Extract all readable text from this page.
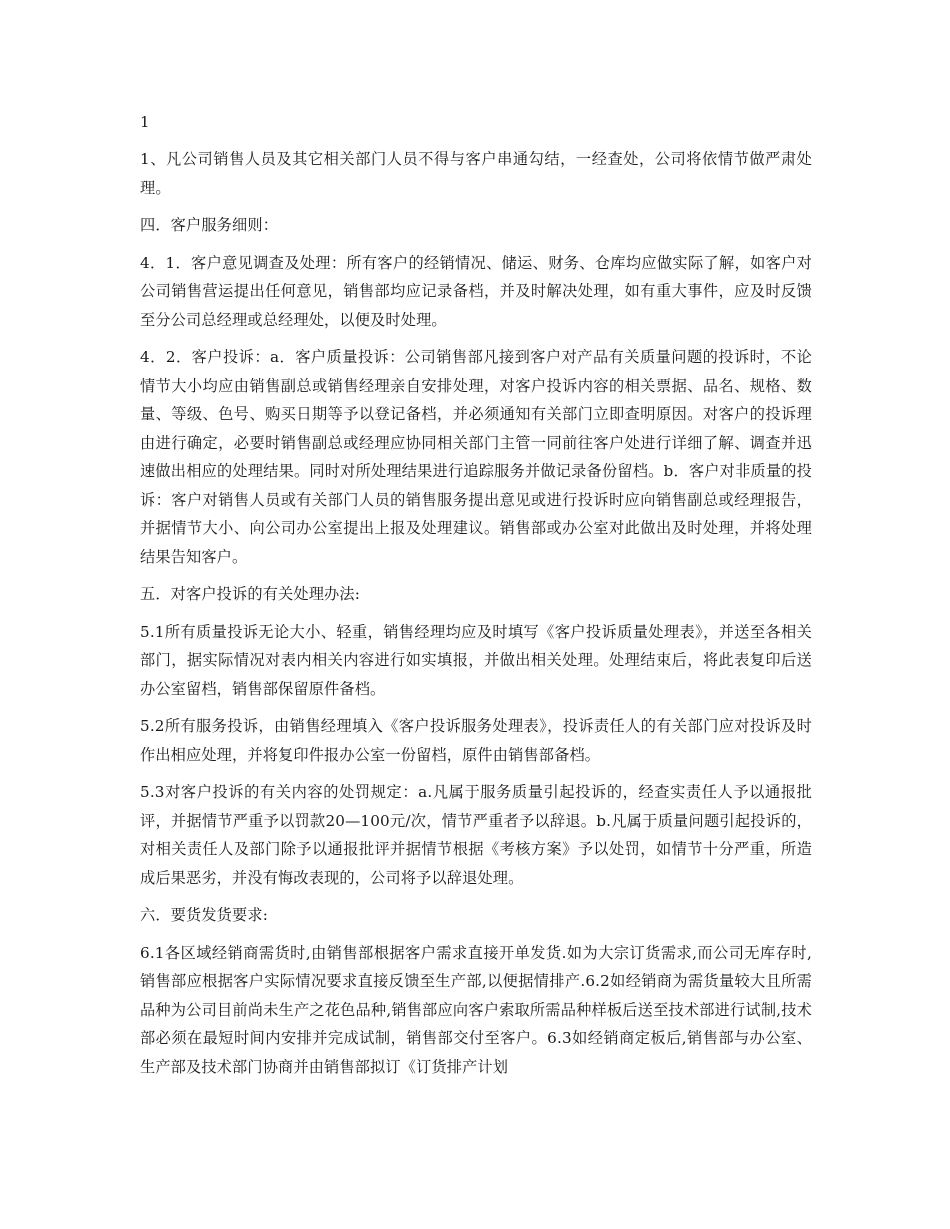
1

1、凡公司销售人员及其它相关部门人员不得与客户串通勾结，一经查处，公司将依情节做严肃处理。

四．客户服务细则：

4．1．客户意见调查及处理：所有客户的经销情况、储运、财务、仓库均应做实际了解，如客户对公司销售营运提出任何意见，销售部均应记录备档，并及时解决处理，如有重大事件，应及时反馈至分公司总经理或总经理处，以便及时处理。

4．2．客户投诉：a．客户质量投诉：公司销售部凡接到客户对产品有关质量问题的投诉时，不论情节大小均应由销售副总或销售经理亲自安排处理，对客户投诉内容的相关票据、品名、规格、数量、等级、色号、购买日期等予以登记备档，并必须通知有关部门立即查明原因。对客户的投诉理由进行确定，必要时销售副总或经理应协同相关部门主管一同前往客户处进行详细了解、调查并迅速做出相应的处理结果。同时对所处理结果进行追踪服务并做记录备份留档。b．客户对非质量的投诉：客户对销售人员或有关部门人员的销售服务提出意见或进行投诉时应向销售副总或经理报告，并据情节大小、向公司办公室提出上报及处理建议。销售部或办公室对此做出及时处理，并将处理结果告知客户。

五．对客户投诉的有关处理办法:

5.1所有质量投诉无论大小、轻重，销售经理均应及时填写《客户投诉质量处理表》，并送至各相关部门，据实际情况对表内相关内容进行如实填报，并做出相关处理。处理结束后，将此表复印后送办公室留档，销售部保留原件备档。

5.2所有服务投诉，由销售经理填入《客户投诉服务处理表》，投诉责任人的有关部门应对投诉及时作出相应处理，并将复印件报办公室一份留档，原件由销售部备档。

5.3对客户投诉的有关内容的处罚规定：a.凡属于服务质量引起投诉的，经查实责任人予以通报批评，并据情节严重予以罚款20—100元/次，情节严重者予以辞退。b.凡属于质量问题引起投诉的，对相关责任人及部门除予以通报批评并据情节根据《考核方案》予以处罚，如情节十分严重，所造成后果恶劣，并没有悔改表现的，公司将予以辞退处理。

六．要货发货要求:

6.1各区域经销商需货时,由销售部根据客户需求直接开单发货.如为大宗订货需求,而公司无库存时,销售部应根据客户实际情况要求直接反馈至生产部,以便据情排产.6.2如经销商为需货量较大且所需品种为公司目前尚未生产之花色品种,销售部应向客户索取所需品种样板后送至技术部进行试制,技术部必须在最短时间内安排并完成试制，销售部交付至客户。6.3如经销商定板后,销售部与办公室、生产部及技术部门协商并由销售部拟订《订货排产计划
